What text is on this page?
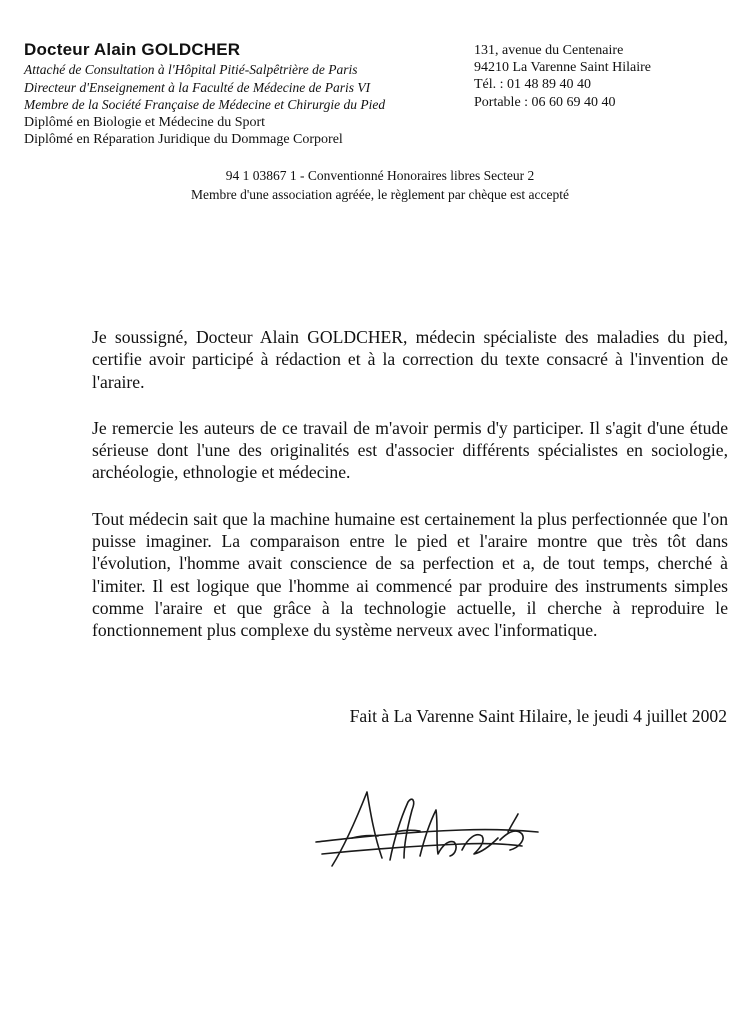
Docteur Alain GOLDCHER
Attaché de Consultation à l'Hôpital Pitié-Salpêtrière de Paris
Directeur d'Enseignement à la Faculté de Médecine de Paris VI
Membre de la Société Française de Médecine et Chirurgie du Pied
Diplômé en Biologie et Médecine du Sport
Diplômé en Réparation Juridique du Dommage Corporel
131, avenue du Centenaire
94210 La Varenne Saint Hilaire
Tél. : 01 48 89 40 40
Portable : 06 60 69 40 40
94 1 03867 1 - Conventionné Honoraires libres Secteur 2
Membre d'une association agréée, le règlement par chèque est accepté

Je soussigné, Docteur Alain GOLDCHER, médecin spécialiste des maladies du pied, certifie avoir participé à rédaction et à la correction du texte consacré à l'invention de l'araire.

Je remercie les auteurs de ce travail de m'avoir permis d'y participer. Il s'agit d'une étude sérieuse dont l'une des originalités est d'associer différents spécialistes en sociologie, archéologie, ethnologie et médecine.

Tout médecin sait que la machine humaine est certainement la plus perfectionnée que l'on puisse imaginer. La comparaison entre le pied et l'araire montre que très tôt dans l'évolution, l'homme avait conscience de sa perfection et a, de tout temps, cherché à l'imiter. Il est logique que l'homme ai commencé par produire des instruments simples comme l'araire et que grâce à la technologie actuelle, il cherche à reproduire le fonctionnement plus complexe du système nerveux avec l'informatique.

Fait à La Varenne Saint Hilaire, le jeudi 4 juillet 2002
